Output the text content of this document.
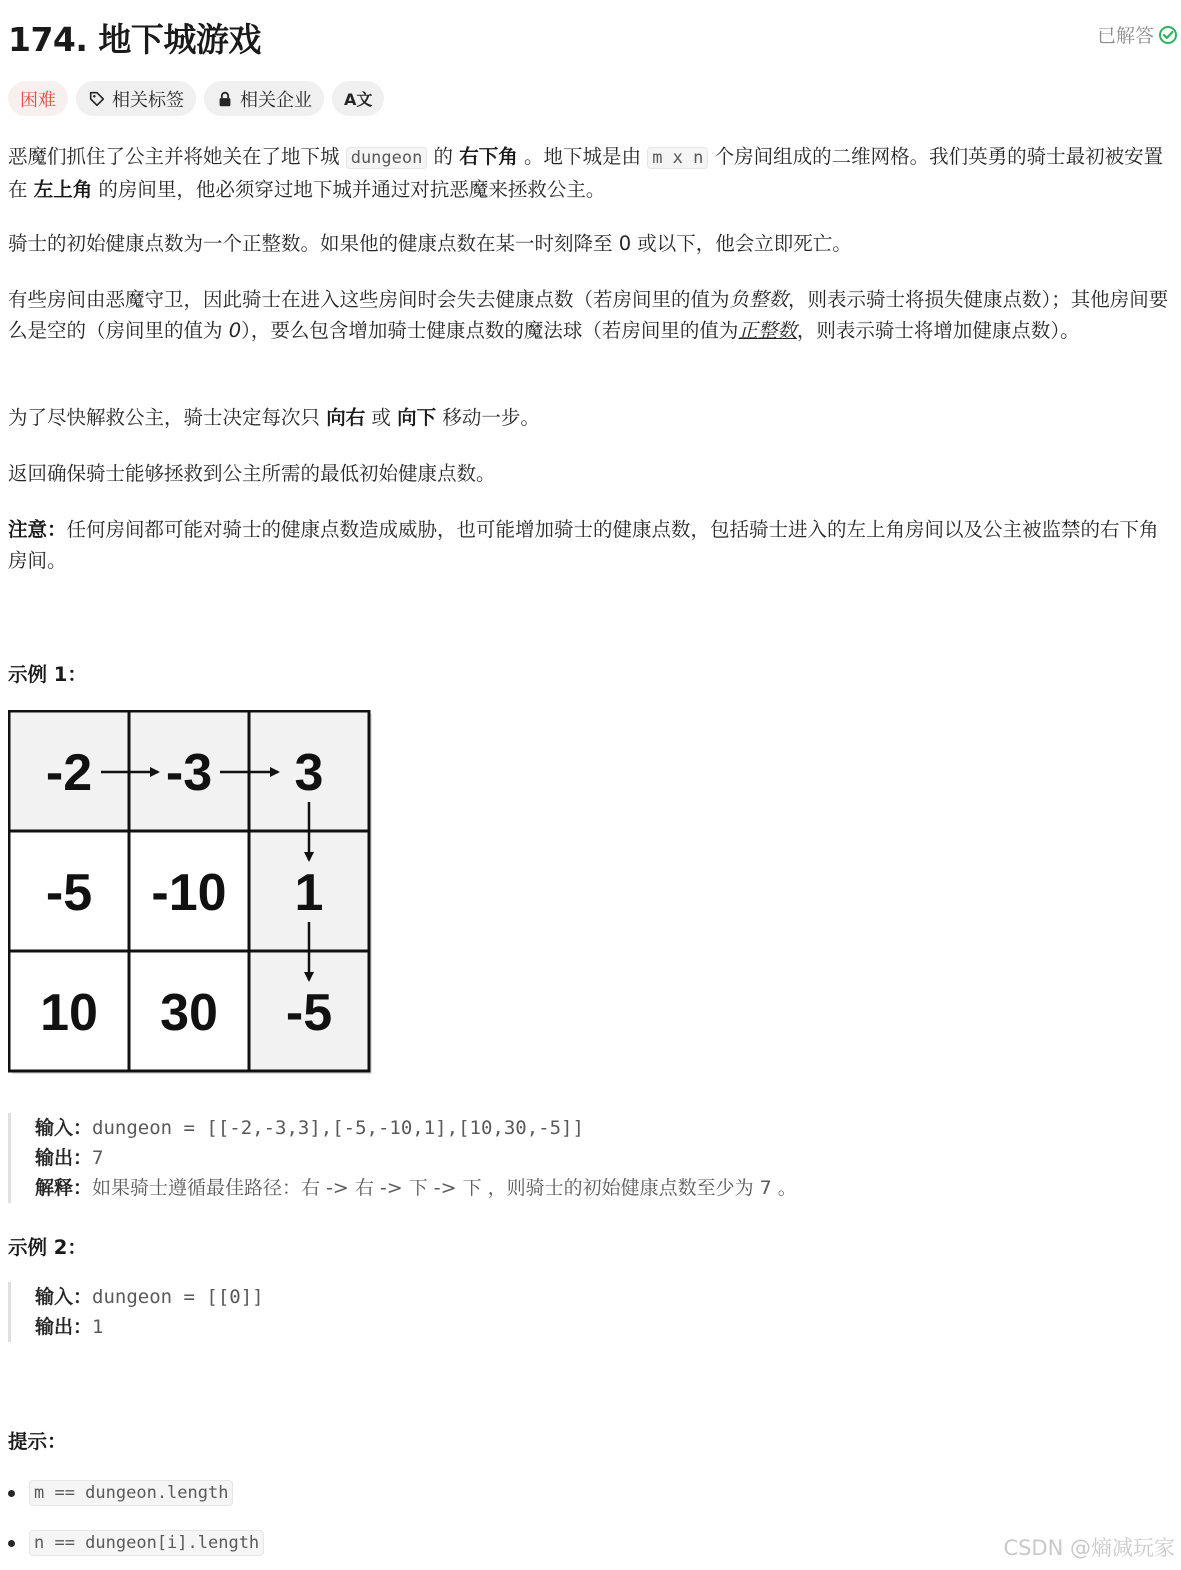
174. 地下城游戏	已解答
困难	相关标签	相关企业 A文
恶魔们抓住了公主并将她关在了地下城 dungeon 的 右下角 。地下城是由 m x n 个房间组成的二维网格。我们英勇的骑士最初被安置在 左上角 的房间里，他必须穿过地下城并通过对抗恶魔来拯救公主。
骑士的初始健康点数为一个正整数。如果他的健康点数在某一时刻降至 0 或以下，他会立即死亡。
有些房间由恶魔守卫，因此骑士在进入这些房间时会失去健康点数（若房间里的值为负整数，则表示骑士将损失健康点数）；其他房间要么是空的（房间里的值为 0），要么包含增加骑士健康点数的魔法球（若房间里的值为正整数，则表示骑士将增加健康点数）。
为了尽快解救公主，骑士决定每次只 向右 或 向下 移动一步。
返回确保骑士能够拯救到公主所需的最低初始健康点数。
注意：任何房间都可能对骑士的健康点数造成威胁，也可能增加骑士的健康点数，包括骑士进入的左上角房间以及公主被监禁的右下角房间。
示例 1：
-2 -3 3
-5 -10 1
10 30 -5
输入：dungeon = [[-2,-3,3],[-5,-10,1],[10,30,-5]]
输出：7
解释：如果骑士遵循最佳路径：右 -> 右 -> 下 -> 下 ，则骑士的初始健康点数至少为 7 。
示例 2：
输入：dungeon = [[0]]
输出：1
提示：
m == dungeon.length
n == dungeon[i].length	CSDN @熵减玩家
